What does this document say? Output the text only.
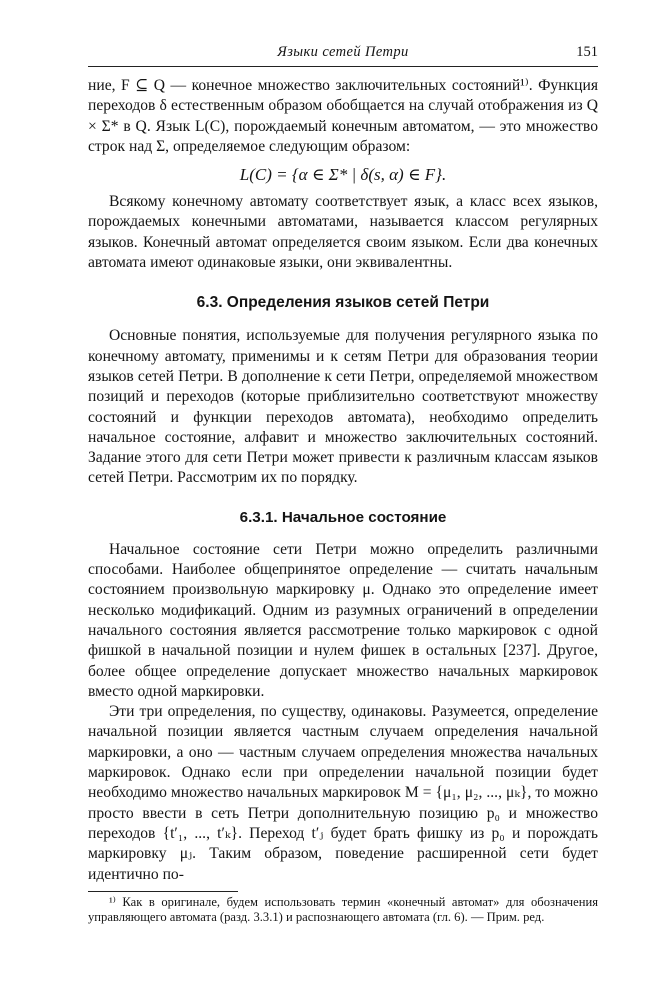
Языки сетей Петри	151

ние, F ⊆ Q — конечное множество заключительных состояний¹⁾. Функция переходов δ естественным образом обобщается на случай отображения из Q × Σ* в Q. Язык L(C), порождаемый конечным автоматом, — это множество строк над Σ, определяемое следующим образом:

L(C) = {α ∈ Σ* | δ(s, α) ∈ F}.

Всякому конечному автомату соответствует язык, а класс всех языков, порождаемых конечными автоматами, называется классом регулярных языков. Конечный автомат определяется своим языком. Если два конечных автомата имеют одинаковые языки, они эквивалентны.

6.3. Определения языков сетей Петри

Основные понятия, используемые для получения регулярного языка по конечному автомату, применимы и к сетям Петри для образования теории языков сетей Петри. В дополнение к сети Петри, определяемой множеством позиций и переходов (которые приблизительно соответствуют множеству состояний и функции переходов автомата), необходимо определить начальное состояние, алфавит и множество заключительных состояний. Задание этого для сети Петри может привести к различным классам языков сетей Петри. Рассмотрим их по порядку.

6.3.1. Начальное состояние

Начальное состояние сети Петри можно определить различными способами. Наиболее общепринятое определение — считать начальным состоянием произвольную маркировку μ. Однако это определение имеет несколько модификаций. Одним из разумных ограничений в определении начального состояния является рассмотрение только маркировок с одной фишкой в начальной позиции и нулем фишек в остальных [237]. Другое, более общее определение допускает множество начальных маркировок вместо одной маркировки.

Эти три определения, по существу, одинаковы. Разумеется, определение начальной позиции является частным случаем определения начальной маркировки, а оно — частным случаем определения множества начальных маркировок. Однако если при определении начальной позиции будет необходимо множество начальных маркировок M = {μ₁, μ₂, ..., μₖ}, то можно просто ввести в сеть Петри дополнительную позицию p₀ и множество переходов {t′₁, ..., t′ₖ}. Переход t′ⱼ будет брать фишку из p₀ и порождать маркировку μⱼ. Таким образом, поведение расширенной сети будет идентично по-

¹⁾ Как в оригинале, будем использовать термин «конечный автомат» для обозначения управляющего автомата (разд. 3.3.1) и распознающего автомата (гл. 6). — Прим. ред.
